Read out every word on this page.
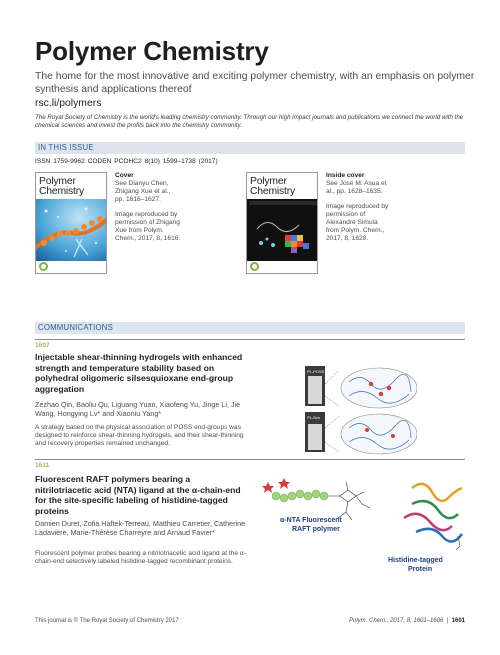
Polymer Chemistry
The home for the most innovative and exciting polymer chemistry, with an emphasis on polymer synthesis and applications thereof
rsc.li/polymers
The Royal Society of Chemistry is the world's leading chemistry community. Through our high impact journals and publications we connect the world with the chemical sciences and invest the profits back into the chemistry community.
IN THIS ISSUE
ISSN 1759-9962 CODEN PCOHC2 8(10) 1599–1738 (2017)
Polymer Chemistry
Cover
See Dianyu Chen, Zhigang Xue et al., pp. 1616–1627.
Image reproduced by permission of Zhigang Xue from Polym. Chem., 2017, 8, 1616.
Polymer Chemistry
Inside cover
See José M. Asua et al., pp. 1628–1635.
Image reproduced by permission of Alexandre Simula from Polym. Chem., 2017, 8, 1628.
COMMUNICATIONS
1607
Injectable shear-thinning hydrogels with enhanced strength and temperature stability based on polyhedral oligomeric silsesquioxane end-group aggregation
Zezhao Qin, Baoliu Qu, Liguang Yuan, Xiaofeng Yu, Jinge Li, Jie Wang, Hongying Lv* and Xiaoniu Yang*
A strategy based on the physical association of POSS end-groups was designed to reinforce shear-thinning hydrogels, and their shear-thinning and recovery properties remained unchanged.
PL-POSS
PL-Bzn
1611
Fluorescent RAFT polymers bearing a nitrilotriacetic acid (NTA) ligand at the α-chain-end for the site-specific labeling of histidine-tagged proteins
Damien Duret, Zofia Haftek-Terreau, Matthieu Carretier, Catherine Ladavière, Marie-Thérèse Charreyre and Arnaud Favier*
Fluorescent polymer probes bearing a nitrilotriacetic acid ligand at the α-chain-end selectively labeled histidine-tagged recombinant proteins.
α-NTA Fluorescent
RAFT polymer
Histidine-tagged
Protein
This journal is © The Royal Society of Chemistry 2017	Polym. Chem., 2017, 8, 1601–1606  |  1601
